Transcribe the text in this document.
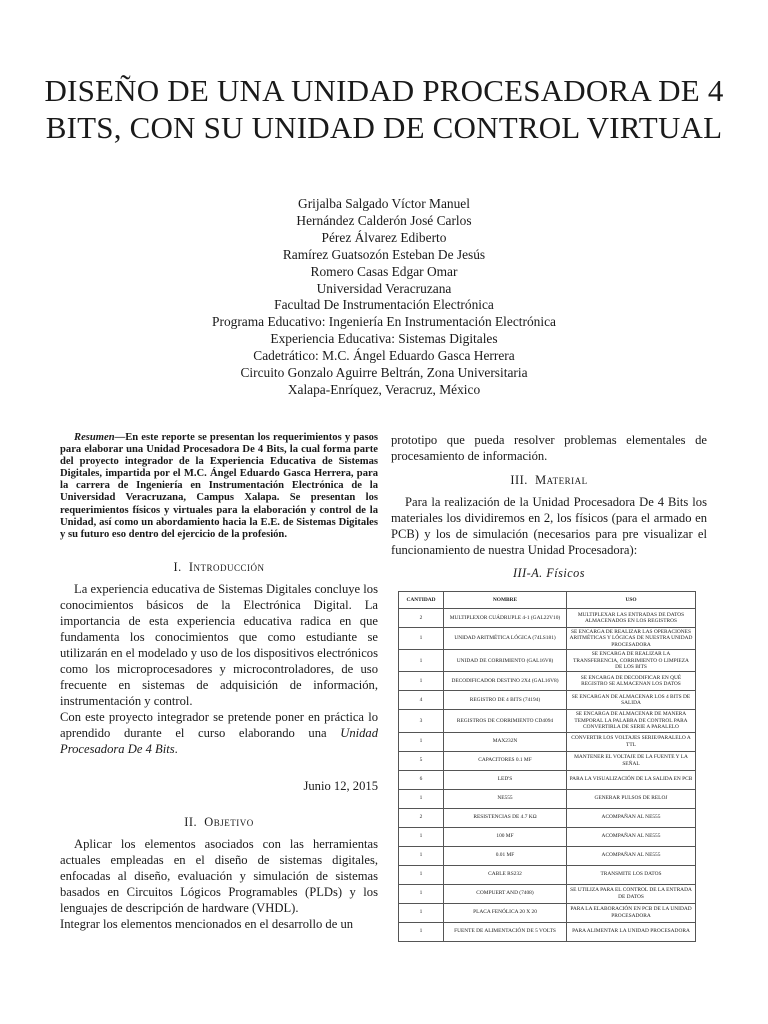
DISEÑO DE UNA UNIDAD PROCESADORA DE 4 BITS, CON SU UNIDAD DE CONTROL VIRTUAL
Grijalba Salgado Víctor Manuel
Hernández Calderón José Carlos
Pérez Álvarez Ediberto
Ramírez Guatsozón Esteban De Jesús
Romero Casas Edgar Omar
Universidad Veracruzana
Facultad De Instrumentación Electrónica
Programa Educativo: Ingeniería En Instrumentación Electrónica
Experiencia Educativa: Sistemas Digitales
Cadetrático: M.C. Ángel Eduardo Gasca Herrera
Circuito Gonzalo Aguirre Beltrán, Zona Universitaria
Xalapa-Enríquez, Veracruz, México

Resumen—En este reporte se presentan los requerimientos y pasos para elaborar una Unidad Procesadora De 4 Bits, la cual forma parte del proyecto integrador de la Experiencia Educativa de Sistemas Digitales, impartida por el M.C. Ángel Eduardo Gasca Herrera, para la carrera de Ingeniería en Instrumentación Electrónica de la Universidad Veracruzana, Campus Xalapa. Se presentan los requerimientos físicos y virtuales para la elaboración y control de la Unidad, así como un abordamiento hacia la E.E. de Sistemas Digitales y su futuro eso dentro del ejercicio de la profesión.

I. Introducción

La experiencia educativa de Sistemas Digitales concluye los conocimientos básicos de la Electrónica Digital. La importancia de esta experiencia educativa radica en que fundamenta los conocimientos que como estudiante se utilizarán en el modelado y uso de los dispositivos electrónicos como los microprocesadores y microcontroladores, de uso frecuente en sistemas de adquisición de información, instrumentación y control.

Con este proyecto integrador se pretende poner en práctica lo aprendido durante el curso elaborando una Unidad Procesadora De 4 Bits.

Junio 12, 2015
II. Objetivo

Aplicar los elementos asociados con las herramientas actuales empleadas en el diseño de sistemas digitales, enfocadas al diseño, evaluación y simulación de sistemas basados en Circuitos Lógicos Programables (PLDs) y los lenguajes de descripción de hardware (VHDL).

Integrar los elementos mencionados en el desarrollo de un

prototipo que pueda resolver problemas elementales de procesamiento de información.

III. Material

Para la realización de la Unidad Procesadora De 4 Bits los materiales los dividiremos en 2, los físicos (para el armado en PCB) y los de simulación (necesarios para pre visualizar el funcionamiento de nuestra Unidad Procesadora):

III-A. Físicos
CANTIDAD	NOMBRE	USO
2	MULTIPLEXOR CUÁDRUPLE 4-1 (GAL22V10)	MULTIPLEXAR LAS ENTRADAS DE DATOS ALMACENADOS EN LOS REGISTROS
1	UNIDAD ARITMÉTICA LÓGICA (74LS181)	SE ENCARGA DE REALIZAR LAS OPERACIONES ARITMÉTICAS Y LÓGICAS DE NUESTRA UNIDAD PROCESADORA
1	UNIDAD DE CORRIMIENTO (GAL16V8)	SE ENCARGA DE REALIZAR LA TRANSFERENCIA, CORRIMIENTO O LIMPIEZA DE LOS BITS
1	DECODIFICADOR DESTINO 2X4 (GAL16V8)	SE ENCARGA DE DECODIFICAR EN QUÉ REGISTRO SE ALMACENAN LOS DATOS
4	REGISTRO DE 4 BITS (74194)	SE ENCARGAN DE ALMACENAR LOS 4 BITS DE SALIDA
3	REGISTROS DE CORRIMIENTO CD4094	SE ENCARGA DE ALMACENAR DE MANERA TEMPORAL LA PALABRA DE CONTROL PARA CONVERTIRLA DE SERIE A PARALELO
1	MAX232N	CONVERTIR LOS VOLTAJES SERIE/PARALELO A TTL
5	CAPACITORES 0.1 ΜF	MANTENER EL VOLTAJE DE LA FUENTE Y LA SEÑAL
6	LED'S	PARA LA VISUALIZACIÓN DE LA SALIDA EN PCB
1	NE555	GENERAR PULSOS DE RELOJ
2	RESISTENCIAS DE 4.7 KΩ	ACOMPAÑAN AL NE555
1	100 ΜF	ACOMPAÑAN AL NE555
1	0.01 ΜF	ACOMPAÑAN AL NE555
1	CABLE RS232	TRANSMITE LOS DATOS
1	COMPUERT AND (7408)	SE UTILIZA PARA EL CONTROL DE LA ENTRADA DE DATOS
1	PLACA FENÓLICA 20 X 20	PARA LA ELABORACIÓN EN PCB DE LA UNIDAD PROCESADORA
1	FUENTE DE ALIMENTACIÓN DE 5 VOLTS	PARA ALIMENTAR LA UNIDAD PROCESADORA
